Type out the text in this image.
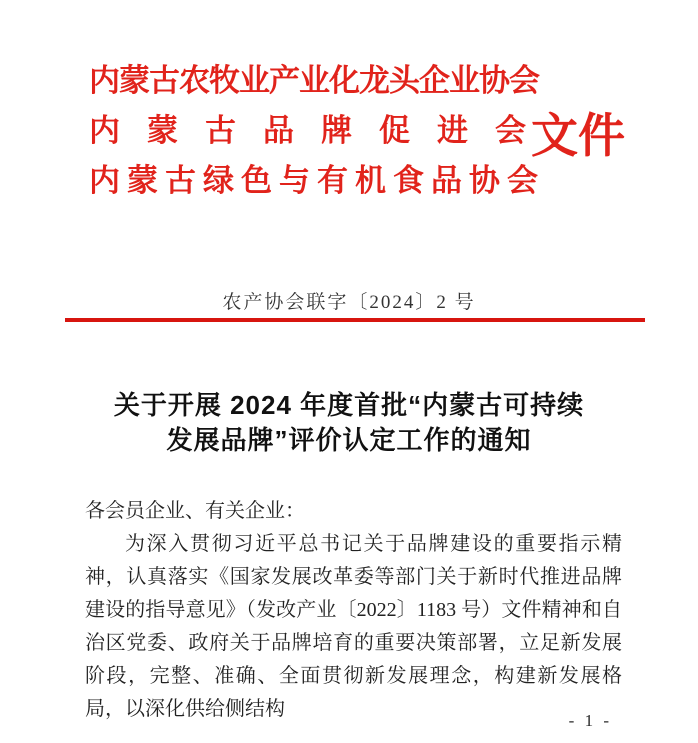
内蒙古农牧业产业化龙头企业协会
内蒙古品牌促进会
内蒙古绿色与有机食品协会
文件
农产协会联字〔2024〕2 号
关于开展 2024 年度首批“内蒙古可持续
发展品牌”评价认定工作的通知
各会员企业、有关企业：

为深入贯彻习近平总书记关于品牌建设的重要指示精神，认真落实《国家发展改革委等部门关于新时代推进品牌建设的指导意见》（发改产业〔2022〕1183 号）文件精神和自治区党委、政府关于品牌培育的重要决策部署，立足新发展阶段，完整、准确、全面贯彻新发展理念，构建新发展格局，以深化供给侧结构

- 1 -
